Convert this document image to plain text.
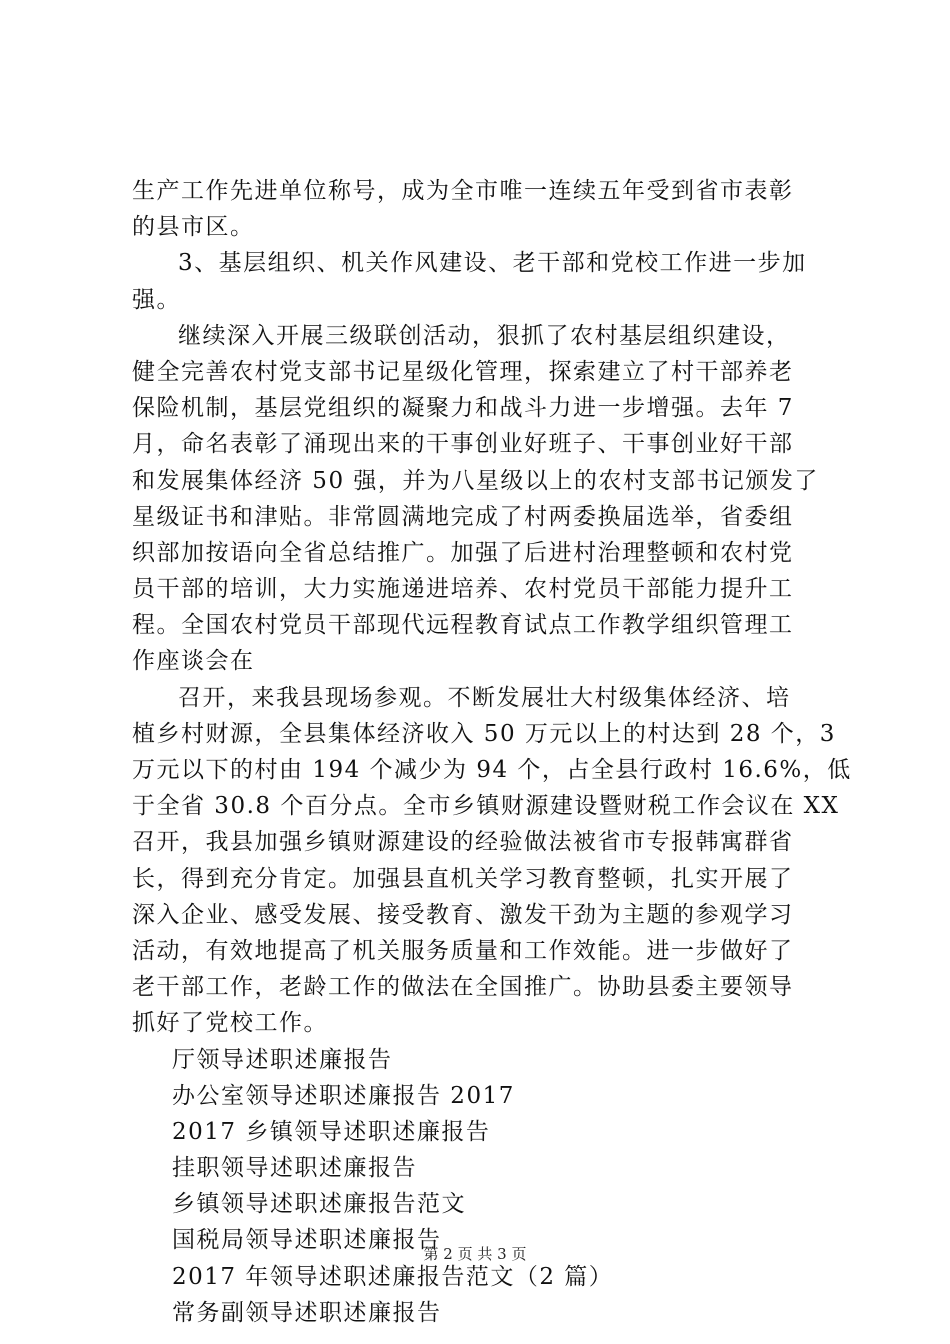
生产工作先进单位称号，成为全市唯一连续五年受到省市表彰
的县市区。
3、基层组织、机关作风建设、老干部和党校工作进一步加
强。
继续深入开展三级联创活动，狠抓了农村基层组织建设，
健全完善农村党支部书记星级化管理，探索建立了村干部养老
保险机制，基层党组织的凝聚力和战斗力进一步增强。去年 7
月，命名表彰了涌现出来的干事创业好班子、干事创业好干部
和发展集体经济 50 强，并为八星级以上的农村支部书记颁发了
星级证书和津贴。非常圆满地完成了村两委换届选举，省委组
织部加按语向全省总结推广。加强了后进村治理整顿和农村党
员干部的培训，大力实施递进培养、农村党员干部能力提升工
程。全国农村党员干部现代远程教育试点工作教学组织管理工
作座谈会在
召开，来我县现场参观。不断发展壮大村级集体经济、培
植乡村财源，全县集体经济收入 50 万元以上的村达到 28 个，3
万元以下的村由 194 个减少为 94 个，占全县行政村 16.6%，低
于全省 30.8 个百分点。全市乡镇财源建设暨财税工作会议在 XX
召开，我县加强乡镇财源建设的经验做法被省市专报韩寓群省
长，得到充分肯定。加强县直机关学习教育整顿，扎实开展了
深入企业、感受发展、接受教育、激发干劲为主题的参观学习
活动，有效地提高了机关服务质量和工作效能。进一步做好了
老干部工作，老龄工作的做法在全国推广。协助县委主要领导
抓好了党校工作。
厅领导述职述廉报告
办公室领导述职述廉报告 2017
2017 乡镇领导述职述廉报告
挂职领导述职述廉报告
乡镇领导述职述廉报告范文
国税局领导述职述廉报告
2017 年领导述职述廉报告范文（2 篇）
常务副领导述职述廉报告
第 2 页 共 3 页
